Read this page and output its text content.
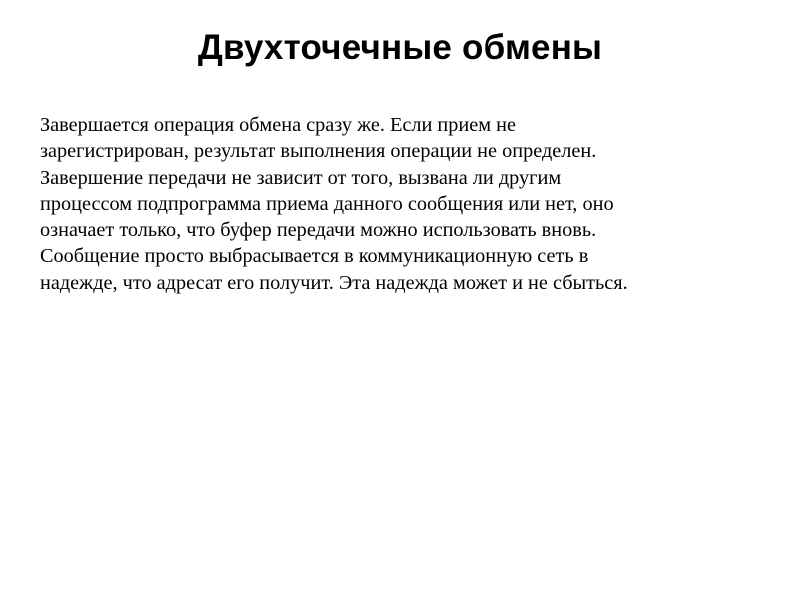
Двухточечные обмены
Завершается операция обмена сразу же. Если прием не
зарегистрирован, результат выполнения операции не определен.
Завершение передачи не зависит от того, вызвана ли другим
процессом подпрограмма приема данного сообщения или нет, оно
означает только, что буфер передачи можно использовать вновь.
Сообщение просто выбрасывается в коммуникационную сеть в
надежде, что адресат его получит. Эта надежда может и не сбыться.
